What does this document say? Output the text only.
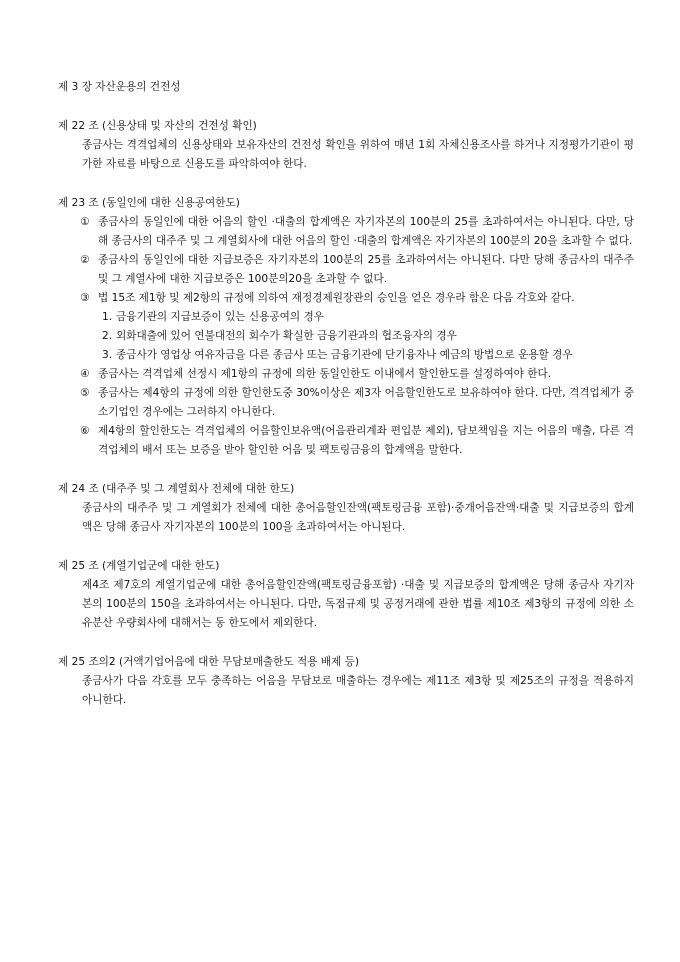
제 3 장 자산운용의 건전성

제 22 조 (신용상태 및 자산의 건전성 확인)

종금사는 격격업체의 신용상태와 보유자산의 건전성 확인을 위하여 매년 1회 자체신용조사를 하거나 지정평가기관이 평가한 자료를 바탕으로 신용도를 파악하여야 한다.

제 23 조 (동일인에 대한 신용공여한도)

① 종금사의 동일인에 대한 어음의 할인 ·대출의 합계액은 자기자본의 100분의 25를 초과하여서는 아니된다. 다만, 당해 종금사의 대주주 및 그 계열회사에 대한 어음의 할인 ·대출의 합계액은 자기자본의 100분의 20을 초과할 수 없다.
② 종금사의 동일인에 대한 지급보증은 자기자본의 100분의 25를 초과하여서는 아니된다. 다만 당해 종금사의 대주주 및 그 계열사에 대한 지급보증은 100분의20을 초과할 수 없다.
③ 법 15조 제1항 및 제2항의 규정에 의하여 재정경제원장관의 승인을 얻은 경우라 함은 다음 각호와 같다.
1. 금융기관의 지급보증이 있는 신용공여의 경우
2. 외화대출에 있어 연불대전의 회수가 확실한 금융기관과의 협조융자의 경우
3. 종금사가 영업상 여유자금을 다른 종금사 또는 금융기관에 단기융자나 예금의 방법으로 운용할 경우
④ 종금사는 격격업체 선정시 제1항의 규정에 의한 동일인한도 이내에서 할인한도를 설정하여야 한다.
⑤ 종금사는 제4항의 규정에 의한 할인한도중 30%이상은 제3자 어음할인한도로 보유하여야 한다. 다만, 격격업체가 중소기업인 경우에는 그러하지 아니한다.
⑥ 제4항의 할인한도는 격격업체의 어음할인보유액(어음관리계좌 편입분 제외), 담보책임을 지는 어음의 매출, 다른 격격업체의 배서 또는 보증을 받아 할인한 어음 및 팩토링금융의 합계액을 말한다.

제 24 조 (대주주 및 그 계열회사 전체에 대한 한도)

종금사의 대주주 및 그 계열회가 전체에 대한 총어음할인잔액(팩토링금융 포함)·중개어음잔액·대출 및 지급보증의 합계액은 당해 종금사 자기자본의 100분의 100을 초과하여서는 아니된다.

제 25 조 (계열기업군에 대한 한도)

제4조 제7호의 계열기업군에 대한 총어음할인잔액(팩토링금융포함) ·대출 및 지급보증의 합계액은 당해 종금사 자기자본의 100분의 150을 초과하여서는 아니된다. 다만, 독점규제 및 공정거래에 관한 법률 제10조 제3항의 규정에 의한 소유분산 우량회사에 대해서는 동 한도에서 제외한다.

제 25 조의2 (거액기업어음에 대한 무담보매출한도 적용 배제 등)

종금사가 다음 각호를 모두 충족하는 어음을 무담보로 매출하는 경우에는 제11조 제3항 및 제25조의 규정을 적용하지 아니한다.
